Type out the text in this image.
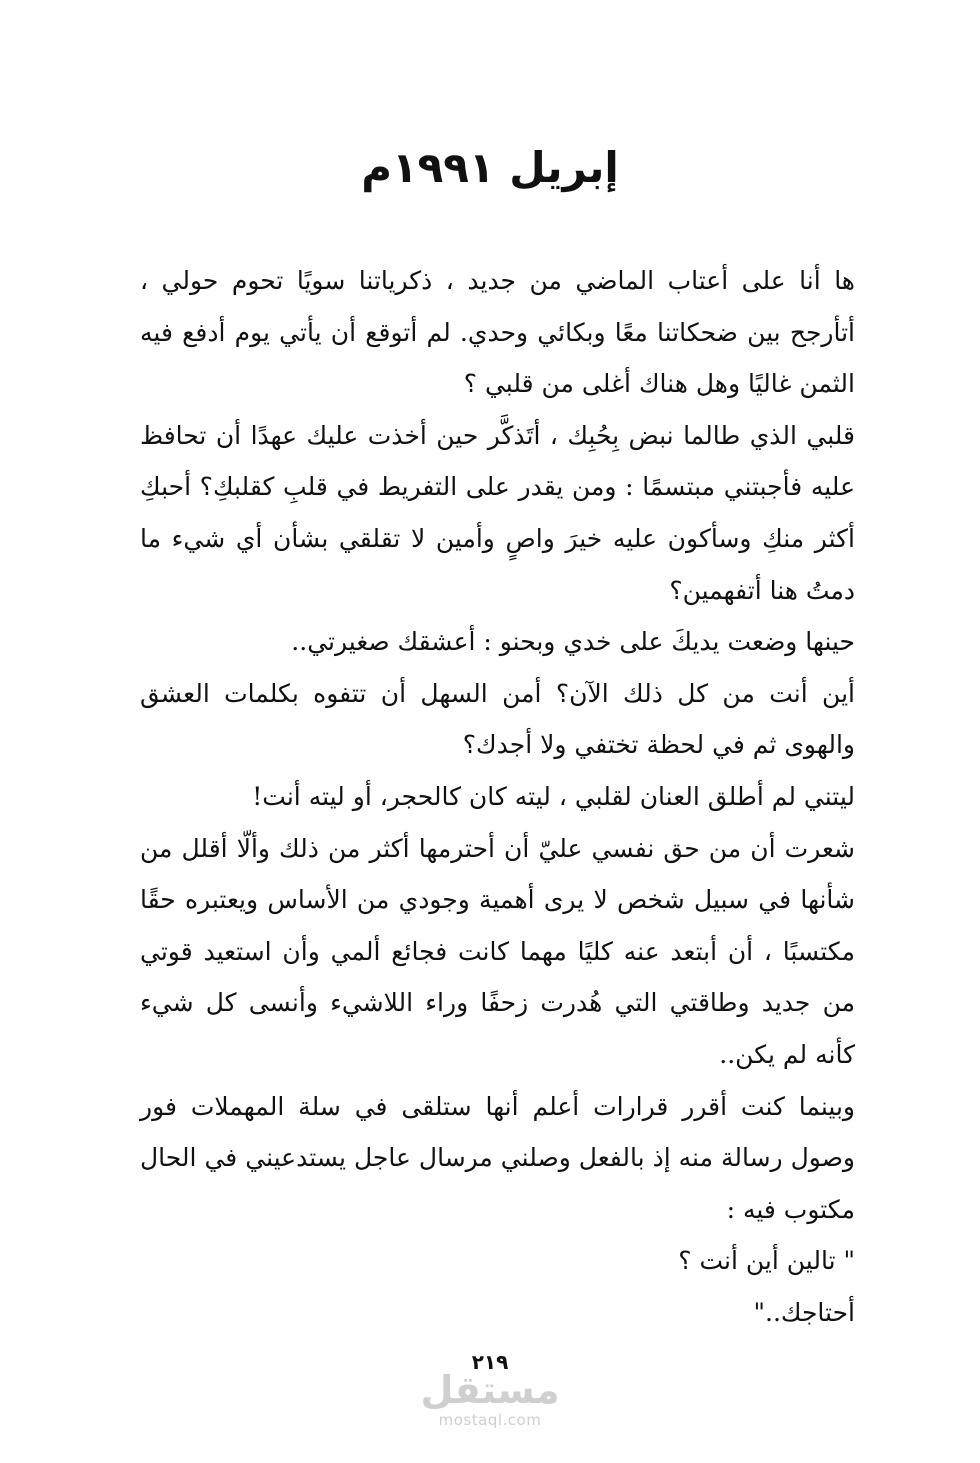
إبريل ١٩٩١م

ها أنا على أعتاب الماضي من جديد ، ذكرياتنا سويًا تحوم حولي ، أتأرجح بين ضحكاتنا معًا وبكائي وحدي. لم أتوقع أن يأتي يوم أدفع فيه الثمن غاليًا وهل هناك أغلى من قلبي ؟

قلبي الذي طالما نبض بِحُبِك ، أتَذكَّر حين أخذت عليك عهدًا أن تحافظ عليه فأجبتني مبتسمًا : ومن يقدر على التفريط في قلبِ كقلبكِ؟ أحبكِ أكثر منكِ وسأكون عليه خيرَ واصٍ وأمين لا تقلقي بشأن أي شيء ما دمتُ هنا أتفهمين؟

حينها وضعت يديكَ على خدي وبحنو : أعشقك صغيرتي..

أين أنت من كل ذلك الآن؟ أمن السهل أن تتفوه بكلمات العشق والهوى ثم في لحظة تختفي ولا أجدك؟

ليتني لم أطلق العنان لقلبي ، ليته كان كالحجر، أو ليته أنت!

شعرت أن من حق نفسي عليّ أن أحترمها أكثر من ذلك وألّا أقلل من شأنها في سبيل شخص لا يرى أهمية وجودي من الأساس ويعتبره حقًا مكتسبًا ، أن أبتعد عنه كليًا مهما كانت فجائع ألمي وأن استعيد قوتي من جديد وطاقتي التي هُدرت زحفًا وراء اللاشيء وأنسى كل شيء كأنه لم يكن..

وبينما كنت أقرر قرارات أعلم أنها ستلقى في سلة المهملات فور وصول رسالة منه إذ بالفعل وصلني مرسال عاجل يستدعيني في الحال مكتوب فيه :

" تالين أين أنت ؟

أحتاجك.."

٢١٩
مستقل
mostaql.com
